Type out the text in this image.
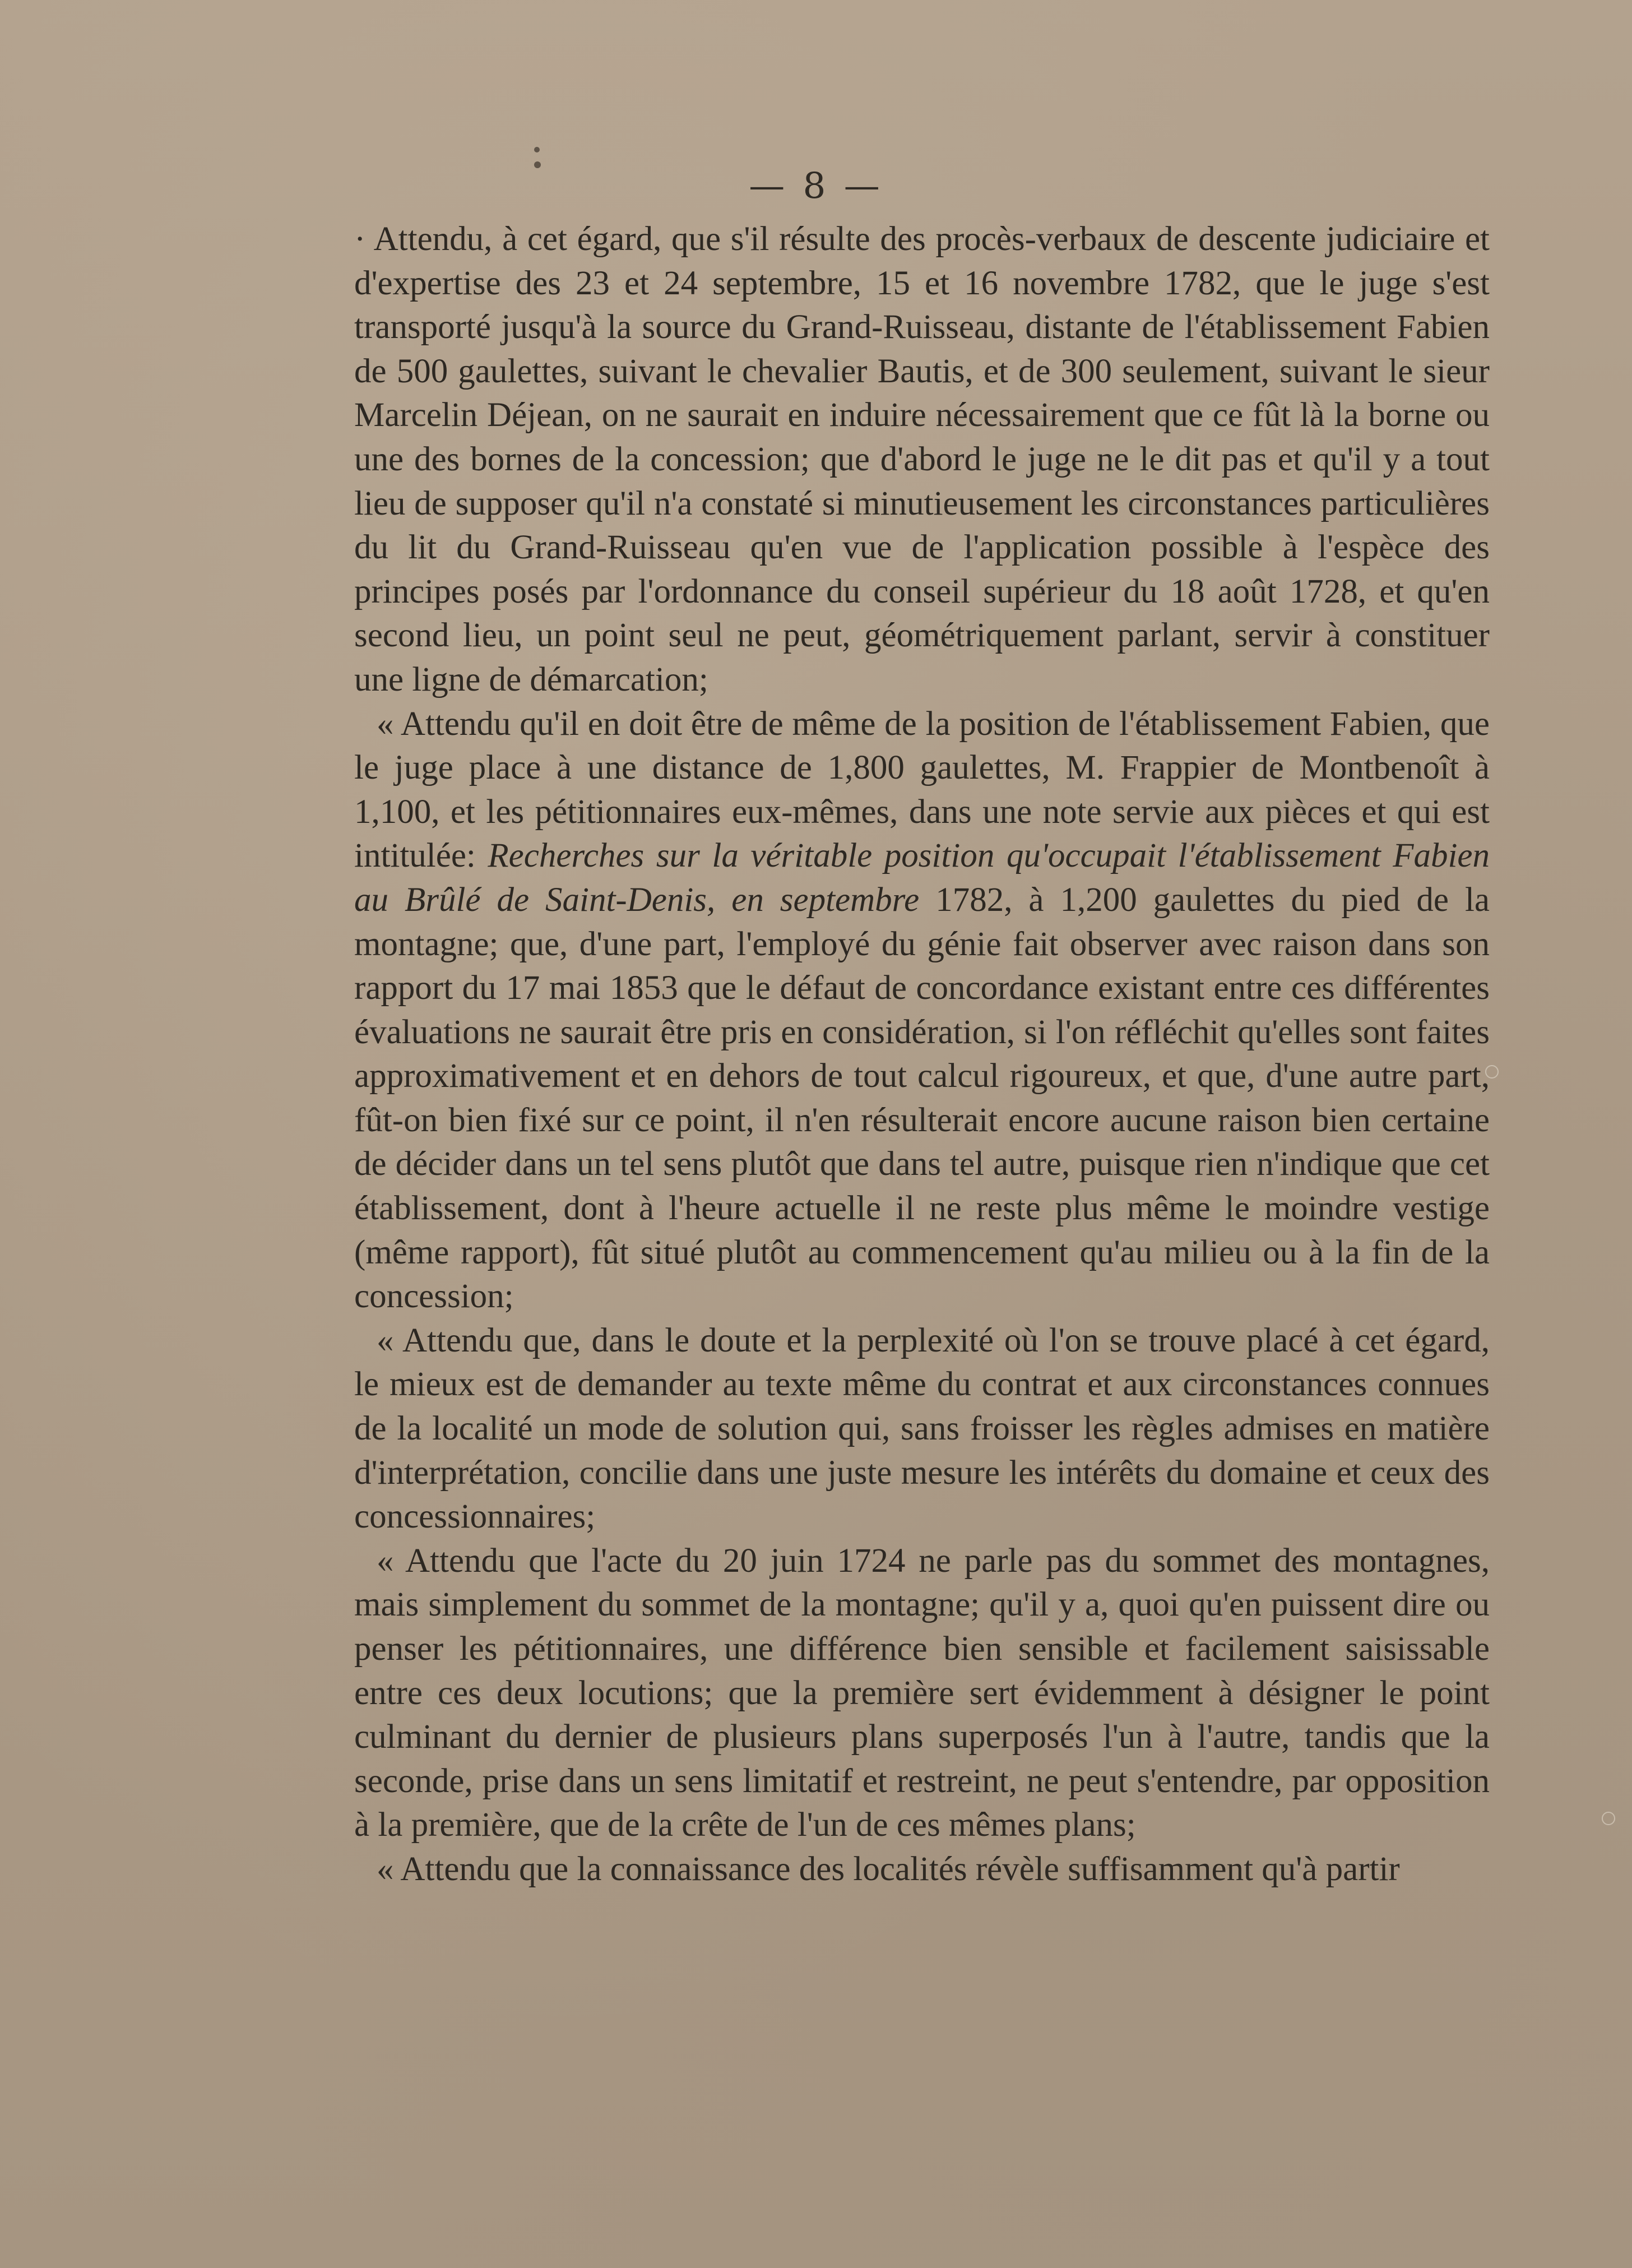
— 8 —

· Attendu, à cet égard, que s'il résulte des procès-verbaux de descente judiciaire et d'expertise des 23 et 24 septembre, 15 et 16 novembre 1782, que le juge s'est transporté jusqu'à la source du Grand-Ruisseau, distante de l'établissement Fabien de 500 gaulettes, suivant le chevalier Bautis, et de 300 seulement, suivant le sieur Marcelin Déjean, on ne saurait en induire nécessairement que ce fût là la borne ou une des bornes de la concession; que d'abord le juge ne le dit pas et qu'il y a tout lieu de supposer qu'il n'a constaté si minutieusement les circonstances particulières du lit du Grand-Ruisseau qu'en vue de l'application possible à l'espèce des principes posés par l'ordonnance du conseil supérieur du 18 août 1728, et qu'en second lieu, un point seul ne peut, géométriquement parlant, servir à constituer une ligne de démarcation;

« Attendu qu'il en doit être de même de la position de l'établissement Fabien, que le juge place à une distance de 1,800 gaulettes, M. Frappier de Montbenoît à 1,100, et les pétitionnaires eux-mêmes, dans une note servie aux pièces et qui est intitulée: Recherches sur la véritable position qu'occupait l'établissement Fabien au Brûlé de Saint-Denis, en septembre 1782, à 1,200 gaulettes du pied de la montagne; que, d'une part, l'employé du génie fait observer avec raison dans son rapport du 17 mai 1853 que le défaut de concordance existant entre ces différentes évaluations ne saurait être pris en considération, si l'on réfléchit qu'elles sont faites approximativement et en dehors de tout calcul rigoureux, et que, d'une autre part, fût-on bien fixé sur ce point, il n'en résulterait encore aucune raison bien certaine de décider dans un tel sens plutôt que dans tel autre, puisque rien n'indique que cet établissement, dont à l'heure actuelle il ne reste plus même le moindre vestige (même rapport), fût situé plutôt au commencement qu'au milieu ou à la fin de la concession;

« Attendu que, dans le doute et la perplexité où l'on se trouve placé à cet égard, le mieux est de demander au texte même du contrat et aux circonstances connues de la localité un mode de solution qui, sans froisser les règles admises en matière d'interprétation, concilie dans une juste mesure les intérêts du domaine et ceux des concessionnaires;

« Attendu que l'acte du 20 juin 1724 ne parle pas du sommet des montagnes, mais simplement du sommet de la montagne; qu'il y a, quoi qu'en puissent dire ou penser les pétitionnaires, une différence bien sensible et facilement saisissable entre ces deux locutions; que la première sert évidemment à désigner le point culminant du dernier de plusieurs plans superposés l'un à l'autre, tandis que la seconde, prise dans un sens limitatif et restreint, ne peut s'entendre, par opposition à la première, que de la crête de l'un de ces mêmes plans;

« Attendu que la connaissance des localités révèle suffisamment qu'à partir
